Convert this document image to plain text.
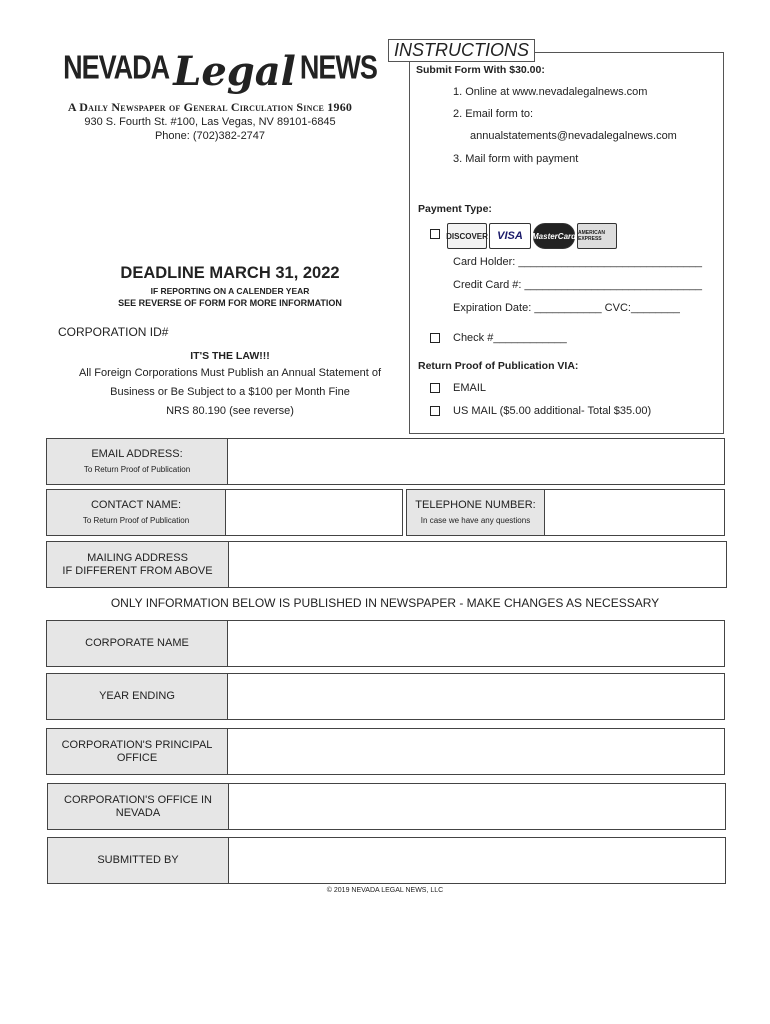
NEVADA Legal NEWS
A Daily Newspaper of General Circulation Since 1960
930 S. Fourth St. #100, Las Vegas, NV 89101-6845
Phone: (702)382-2747
INSTRUCTIONS
Submit Form With $30.00:
1. Online at www.nevadalegalnews.com
2. Email form to:
annualstatements@nevadalegalnews.com
3. Mail form with payment
Payment Type:
DISCOVER VISA	MasterCard AMERICAN EXPRESS
Card Holder: ______________________________
Credit Card #: _____________________________
Expiration Date: ___________ CVC:________
Check #____________
Return Proof of Publication VIA:
EMAIL
US MAIL ($5.00 additional- Total $35.00)
DEADLINE MARCH 31, 2022
IF REPORTING ON A CALENDER YEAR
SEE REVERSE OF FORM FOR MORE INFORMATION
CORPORATION ID#
IT'S THE LAW!!!
All Foreign Corporations Must Publish an Annual Statement of
Business or Be Subject to a $100 per Month Fine
NRS 80.190 (see reverse)
EMAIL ADDRESS:
To Return Proof of Publication
CONTACT NAME:
To Return Proof of Publication
TELEPHONE NUMBER:
In case we have any questions
MAILING ADDRESS
IF DIFFERENT FROM ABOVE
ONLY INFORMATION BELOW IS PUBLISHED IN NEWSPAPER - MAKE CHANGES AS NECESSARY
CORPORATE NAME
YEAR ENDING
CORPORATION'S PRINCIPAL
OFFICE
CORPORATION'S OFFICE IN
NEVADA
SUBMITTED BY
© 2019 NEVADA LEGAL NEWS, LLC
